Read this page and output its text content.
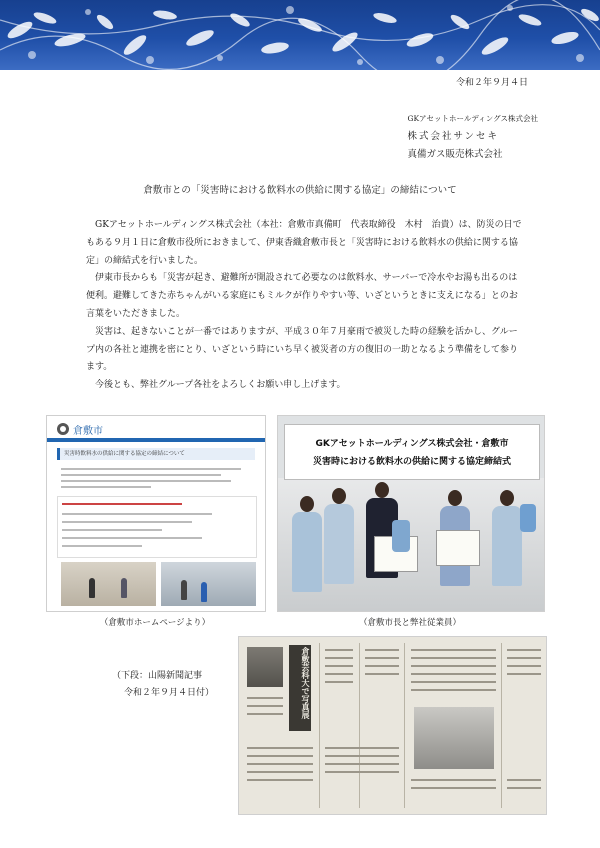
令和２年９月４日
GKアセットホールディングス株式会社
株式会社サンセキ
真備ガス販売株式会社
倉敷市との「災害時における飲料水の供給に関する協定」の締結について

GKアセットホールディングス株式会社（本社：倉敷市真備町　代表取締役　木村　治貴）は、防災の日でもある９月１日に倉敷市役所におきまして、伊東香織倉敷市長と「災害時における飲料水の供給に関する協定」の締結式を行いました。

伊東市長からも「災害が起き、避難所が開設されて必要なのは飲料水、サーバーで冷水やお湯も出るのは便利。避難してきた赤ちゃんがいる家庭にもミルクが作りやすい等、いざというときに支えになる」とのお言葉をいただきました。

災害は、起きないことが一番ではありますが、平成３０年７月豪雨で被災した時の経験を活かし、グループ内の各社と連携を密にとり、いざという時にいち早く被災者の方の復旧の一助となるよう準備をして参ります。

今後とも、弊社グループ各社をよろしくお願い申し上げます。

倉敷市
災害時飲料水の供給に関する協定の締結について
（倉敷市ホームページより）
GKアセットホールディングス株式会社・倉敷市
災害時における飲料水の供給に関する協定締結式
（倉敷市長と弊社従業員）
（下段：山陽新聞記事
令和２年９月４日付）	倉敷芸科大で写真展
